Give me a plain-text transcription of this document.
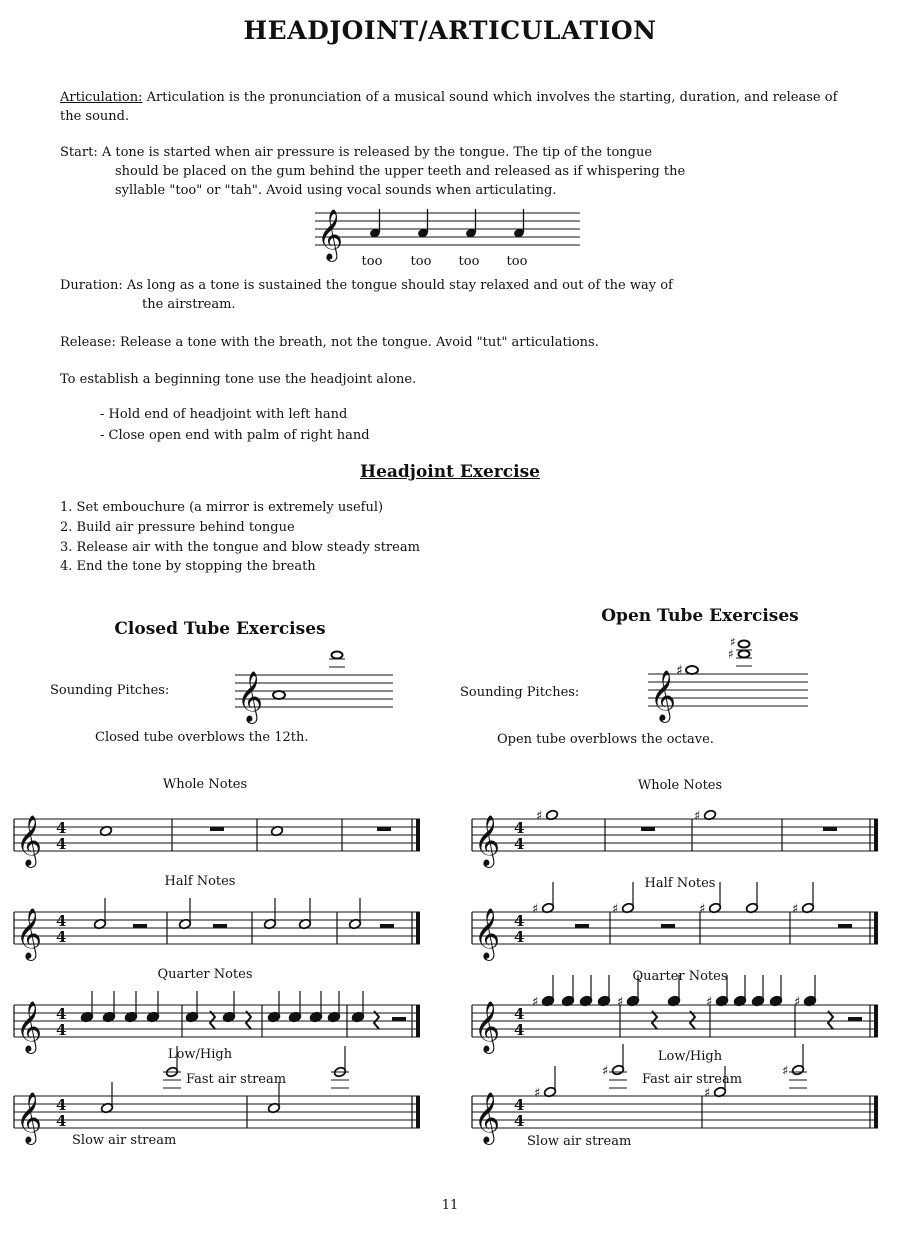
HEADJOINT/ARTICULATION
Articulation: Articulation is the pronunciation of a musical sound which involves the starting, duration, and release of the sound.
Start: A tone is started when air pressure is released by the tongue. The tip of the tongue
should be placed on the gum behind the upper teeth and released as if whispering the
syllable "too" or "tah". Avoid using vocal sounds when articulating.
𝄞
too too too too
Duration: As long as a tone is sustained the tongue should stay relaxed and out of the way of
the airstream.
Release: Release a tone with the breath, not the tongue. Avoid "tut" articulations.
To establish a beginning tone use the headjoint alone.
- Hold end of headjoint with left hand
- Close open end with palm of right hand
Headjoint Exercise
1. Set embouchure (a mirror is extremely useful)
2. Build air pressure behind tongue
3. Release air with the tongue and blow steady stream
4. End the tone by stopping the breath
Closed Tube Exercises
Open Tube Exercises
Sounding Pitches:	Sounding Pitches:
𝄞	𝄞 ♯
♯
♯
Closed tube overblows the 12th.	Open tube overblows the octave.
Whole Notes	Whole Notes
Half Notes	Half Notes
Quarter Notes	Quarter Notes
Low/High	Low/High
Fast air stream	Fast air stream
Slow air stream	Slow air stream
11
𝄞 4
4
𝄞 4
4
𝄞 4
4
𝄞 4
4
𝄞 4
4
♯	♯
𝄞 4
4
♯	♯	♯	♯
𝄞 4
4
♯	♯	♯	♯
𝄞 4
4
♯
♯
♯
♯
